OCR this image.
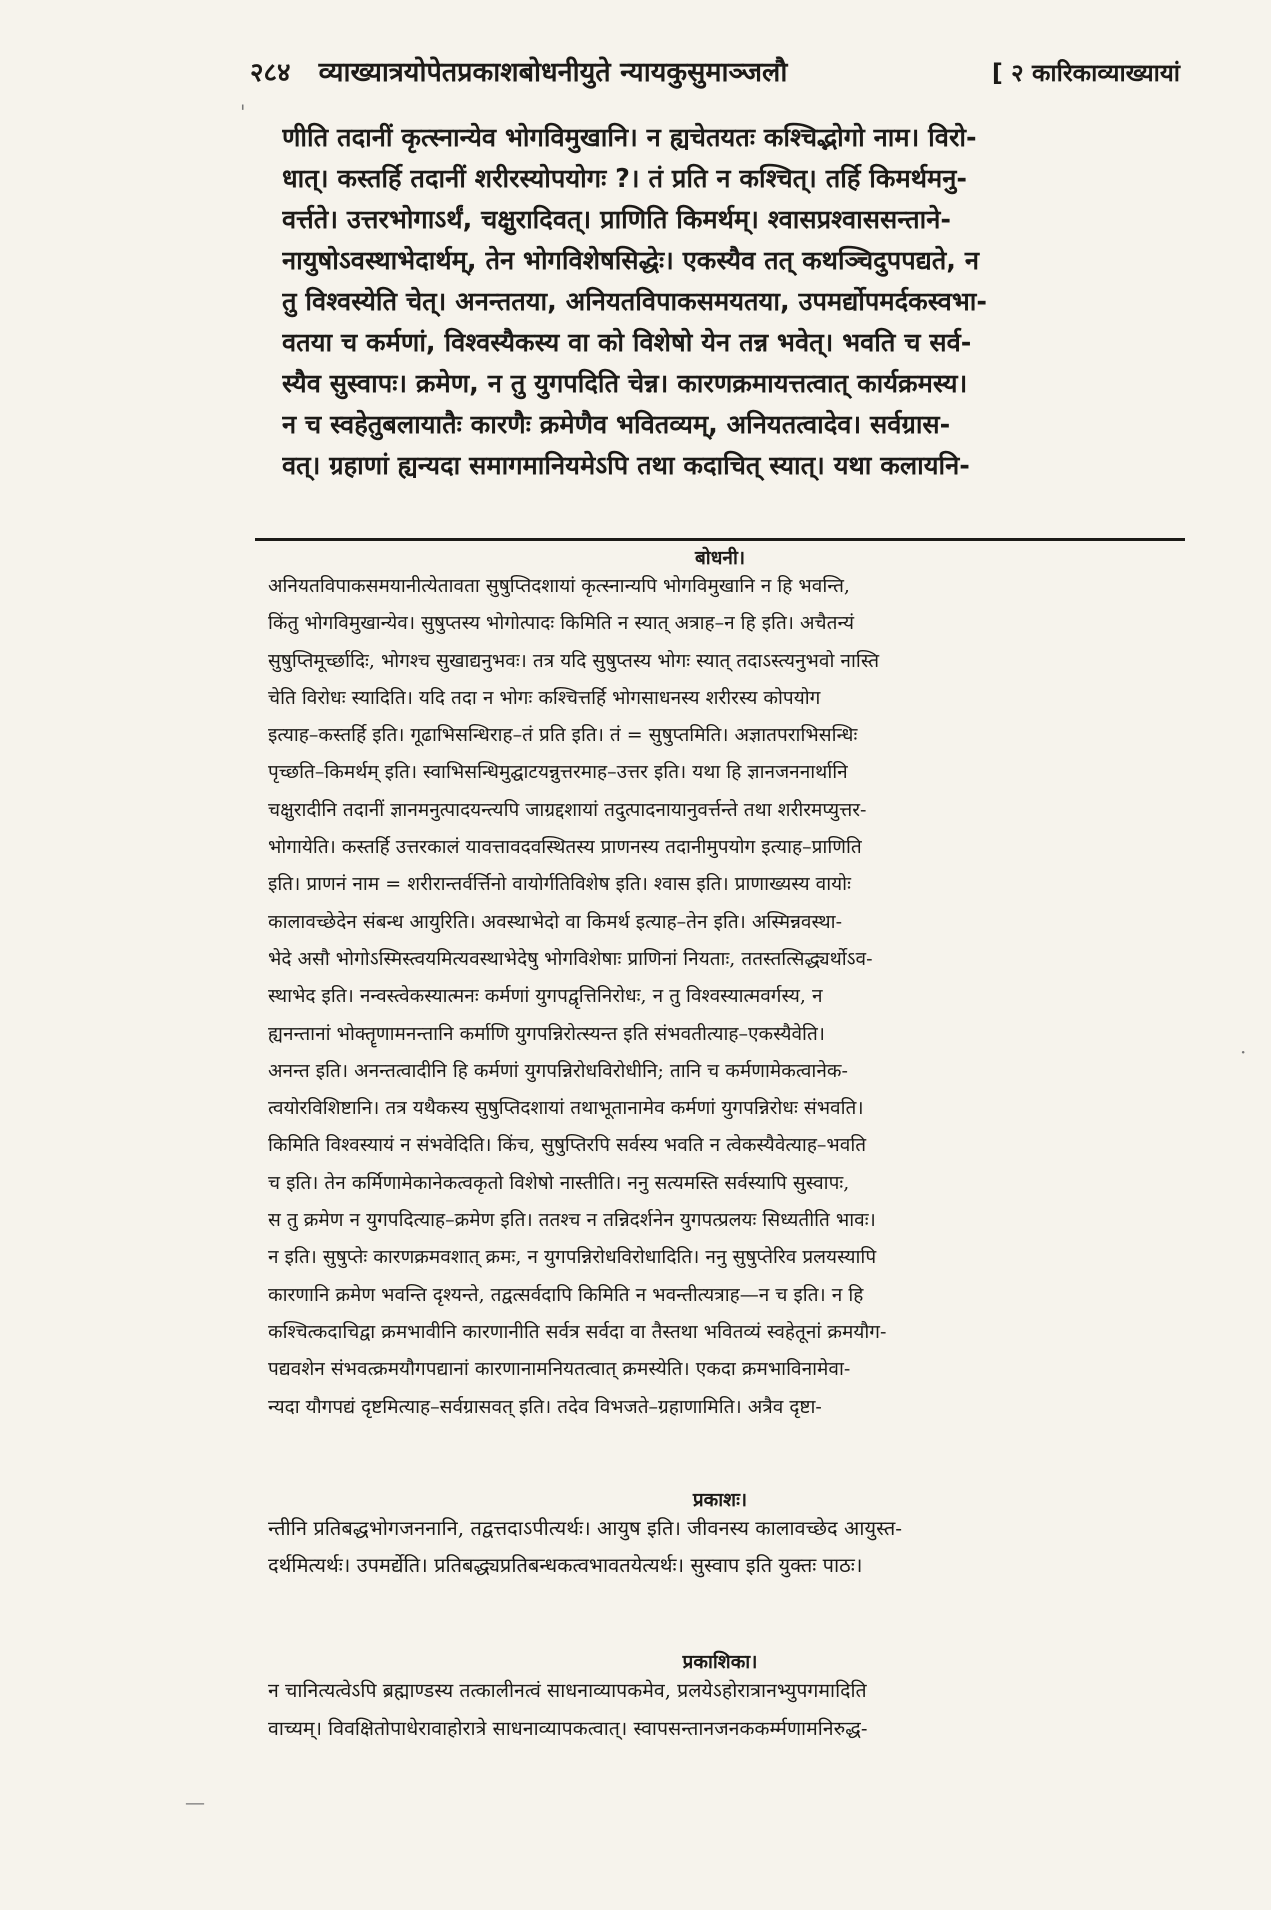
२८४ व्याख्यात्रयोपेतप्रकाशबोधनीयुते न्यायकुसुमाञ्जलौ	[ २ कारिकाव्याख्यायां
णीति तदानीं कृत्स्नान्येव भोगविमुखानि। न ह्यचेतयतः कश्चिद्भोगो नाम। विरो-
धात्। कस्तर्हि तदानीं शरीरस्योपयोगः ?। तं प्रति न कश्चित्। तर्हि किमर्थमनु-
वर्त्तते। उत्तरभोगाऽर्थं, चक्षुरादिवत्। प्राणिति किमर्थम्। श्वासप्रश्वाससन्ताने-
नायुषोऽवस्थाभेदार्थम्, तेन भोगविशेषसिद्धेः। एकस्यैव तत् कथञ्चिदुपपद्यते, न
तु विश्वस्येति चेत्। अनन्ततया, अनियतविपाकसमयतया, उपमर्द्योपमर्दकस्वभा-
वतया च कर्मणां, विश्वस्यैकस्य वा को विशेषो येन तन्न भवेत्। भवति च सर्व-
स्यैव सुस्वापः। क्रमेण, न तु युगपदिति चेन्न। कारणक्रमायत्तत्वात् कार्यक्रमस्य।
न च स्वहेतुबलायातैः कारणैः क्रमेणैव भवितव्यम्, अनियतत्वादेव। सर्वग्रास-
वत्। ग्रहाणां ह्यन्यदा समागमानियमेऽपि तथा कदाचित् स्यात्। यथा कलायनि-
बोधनी।
अनियतविपाकसमयानीत्येतावता सुषुप्तिदशायां कृत्स्नान्यपि भोगविमुखानि न हि भवन्ति,
किंतु भोगविमुखान्येव। सुषुप्तस्य भोगोत्पादः किमिति न स्यात् अत्राह–न हि इति। अचैतन्यं
सुषुप्तिमूर्च्छादिः, भोगश्च सुखाद्यनुभवः। तत्र यदि सुषुप्तस्य भोगः स्यात् तदाऽस्त्यनुभवो नास्ति
चेति विरोधः स्यादिति। यदि तदा न भोगः कश्चित्तर्हि भोगसाधनस्य शरीरस्य कोपयोग
इत्याह–कस्तर्हि इति। गूढाभिसन्धिराह–तं प्रति इति। तं = सुषुप्तमिति। अज्ञातपराभिसन्धिः
पृच्छति–किमर्थम् इति। स्वाभिसन्धिमुद्घाटयन्नुत्तरमाह–उत्तर इति। यथा हि ज्ञानजननार्थानि
चक्षुरादीनि तदानीं ज्ञानमनुत्पादयन्त्यपि जाग्रद्दशायां तदुत्पादनायानुवर्त्तन्ते तथा शरीरमप्युत्तर-
भोगायेति। कस्तर्हि उत्तरकालं यावत्तावदवस्थितस्य प्राणनस्य तदानीमुपयोग इत्याह–प्राणिति
इति। प्राणनं नाम = शरीरान्तर्वर्त्तिनो वायोर्गतिविशेष इति। श्वास इति। प्राणाख्यस्य वायोः
कालावच्छेदेन संबन्ध आयुरिति। अवस्थाभेदो वा किमर्थ इत्याह–तेन इति। अस्मिन्नवस्था-
भेदे असौ भोगोऽस्मिस्त्वयमित्यवस्थाभेदेषु भोगविशेषाः प्राणिनां नियताः, ततस्तत्सिद्ध्यर्थोऽव-
स्थाभेद इति। नन्वस्त्वेकस्यात्मनः कर्मणां युगपद्वृत्तिनिरोधः, न तु विश्वस्यात्मवर्गस्य, न
ह्यनन्तानां भोक्तॄणामनन्तानि कर्माणि युगपन्निरोत्स्यन्त इति संभवतीत्याह–एकस्यैवेति।
अनन्त इति। अनन्तत्वादीनि हि कर्मणां युगपन्निरोधविरोधीनि; तानि च कर्मणामेकत्वानेक-
त्वयोरविशिष्टानि। तत्र यथैकस्य सुषुप्तिदशायां तथाभूतानामेव कर्मणां युगपन्निरोधः संभवति।
किमिति विश्वस्यायं न संभवेदिति। किंच, सुषुप्तिरपि सर्वस्य भवति न त्वेकस्यैवेत्याह–भवति
च इति। तेन कर्मिणामेकानेकत्वकृतो विशेषो नास्तीति। ननु सत्यमस्ति सर्वस्यापि सुस्वापः,
स तु क्रमेण न युगपदित्याह–क्रमेण इति। ततश्च न तन्निदर्शनेन युगपत्प्रलयः सिध्यतीति भावः।
न इति। सुषुप्तेः कारणक्रमवशात् क्रमः, न युगपन्निरोधविरोधादिति। ननु सुषुप्तेरिव प्रलयस्यापि
कारणानि क्रमेण भवन्ति दृश्यन्ते, तद्वत्सर्वदापि किमिति न भवन्तीत्यत्राह—न च इति। न हि
कश्चित्कदाचिद्वा क्रमभावीनि कारणानीति सर्वत्र सर्वदा वा तैस्तथा भवितव्यं स्वहेतूनां क्रमयौग-
पद्यवशेन संभवत्क्रमयौगपद्यानां कारणानामनियतत्वात् क्रमस्येति। एकदा क्रमभाविनामेवा-
न्यदा यौगपद्यं दृष्टमित्याह–सर्वग्रासवत् इति। तदेव विभजते–ग्रहाणामिति। अत्रैव दृष्टा-
प्रकाशः।
न्तीनि प्रतिबद्धभोगजननानि, तद्वत्तदाऽपीत्यर्थः। आयुष इति। जीवनस्य कालावच्छेद आयुस्त-
दर्थमित्यर्थः। उपमर्द्येति। प्रतिबद्ध्यप्रतिबन्धकत्वभावतयेत्यर्थः। सुस्वाप इति युक्तः पाठः।
प्रकाशिका।
न चानित्यत्वेऽपि ब्रह्माण्डस्य तत्कालीनत्वं साधनाव्यापकमेव, प्रलयेऽहोरात्रानभ्युपगमादिति
वाच्यम्। विवक्षितोपाधेरावाहोरात्रे साधनाव्यापकत्वात्। स्वापसन्तानजनककर्म्मणामनिरुद्ध-
'
·
—
